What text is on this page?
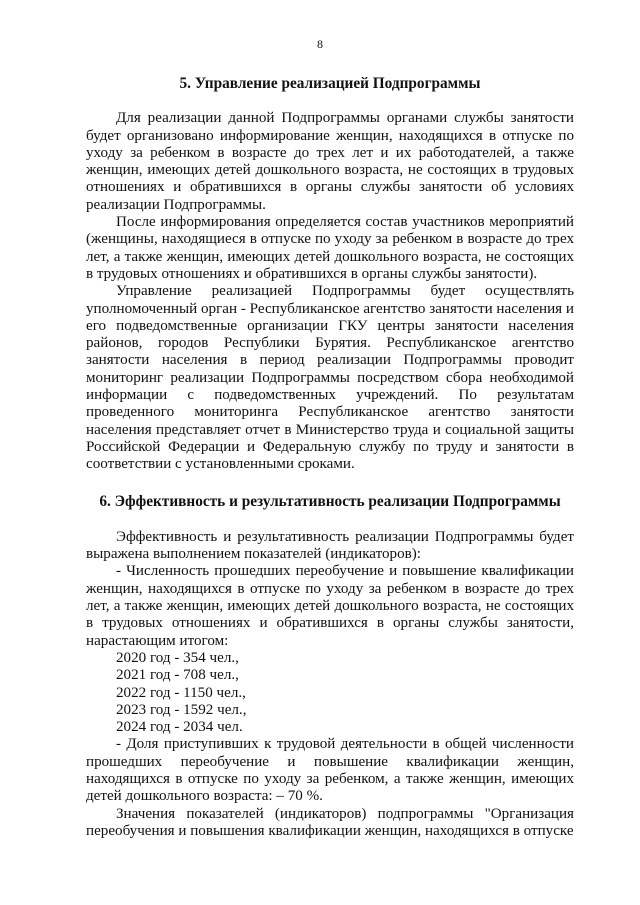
8
5. Управление реализацией Подпрограммы

Для реализации данной Подпрограммы органами службы занятости будет организовано информирование женщин, находящихся в отпуске по уходу за ребенком в возрасте до трех лет и их работодателей, а также женщин, имеющих детей дошкольного возраста, не состоящих в трудовых отношениях и обратившихся в органы службы занятости об условиях реализации Подпрограммы.

После информирования определяется состав участников мероприятий (женщины, находящиеся в отпуске по уходу за ребенком в возрасте до трех лет, а также женщин, имеющих детей дошкольного возраста, не состоящих в трудовых отношениях и обратившихся в органы службы занятости).

Управление реализацией Подпрограммы будет осуществлять уполномоченный орган - Республиканское агентство занятости населения и его подведомственные организации ГКУ центры занятости населения районов, городов Республики Бурятия. Республиканское агентство занятости населения в период реализации Подпрограммы проводит мониторинг реализации Подпрограммы посредством сбора необходимой информации с подведомственных учреждений. По результатам проведенного мониторинга Республиканское агентство занятости населения представляет отчет в Министерство труда и социальной защиты Российской Федерации и Федеральную службу по труду и занятости в соответствии с установленными сроками.

6. Эффективность и результативность реализации Подпрограммы

Эффективность и результативность реализации Подпрограммы будет выражена выполнением показателей (индикаторов):

- Численность прошедших переобучение и повышение квалификации женщин, находящихся в отпуске по уходу за ребенком в возрасте до трех лет, а также женщин, имеющих детей дошкольного возраста, не состоящих в трудовых отношениях и обратившихся в органы службы занятости, нарастающим итогом:

2020 год - 354 чел.,
2021 год - 708 чел.,
2022 год - 1150 чел.,
2023 год - 1592 чел.,
2024 год - 2034 чел.

- Доля приступивших к трудовой деятельности в общей численности прошедших переобучение и повышение квалификации женщин, находящихся в отпуске по уходу за ребенком, а также женщин, имеющих детей дошкольного возраста: – 70 %.

Значения показателей (индикаторов) подпрограммы "Организация переобучения и повышения квалификации женщин, находящихся в отпуске
